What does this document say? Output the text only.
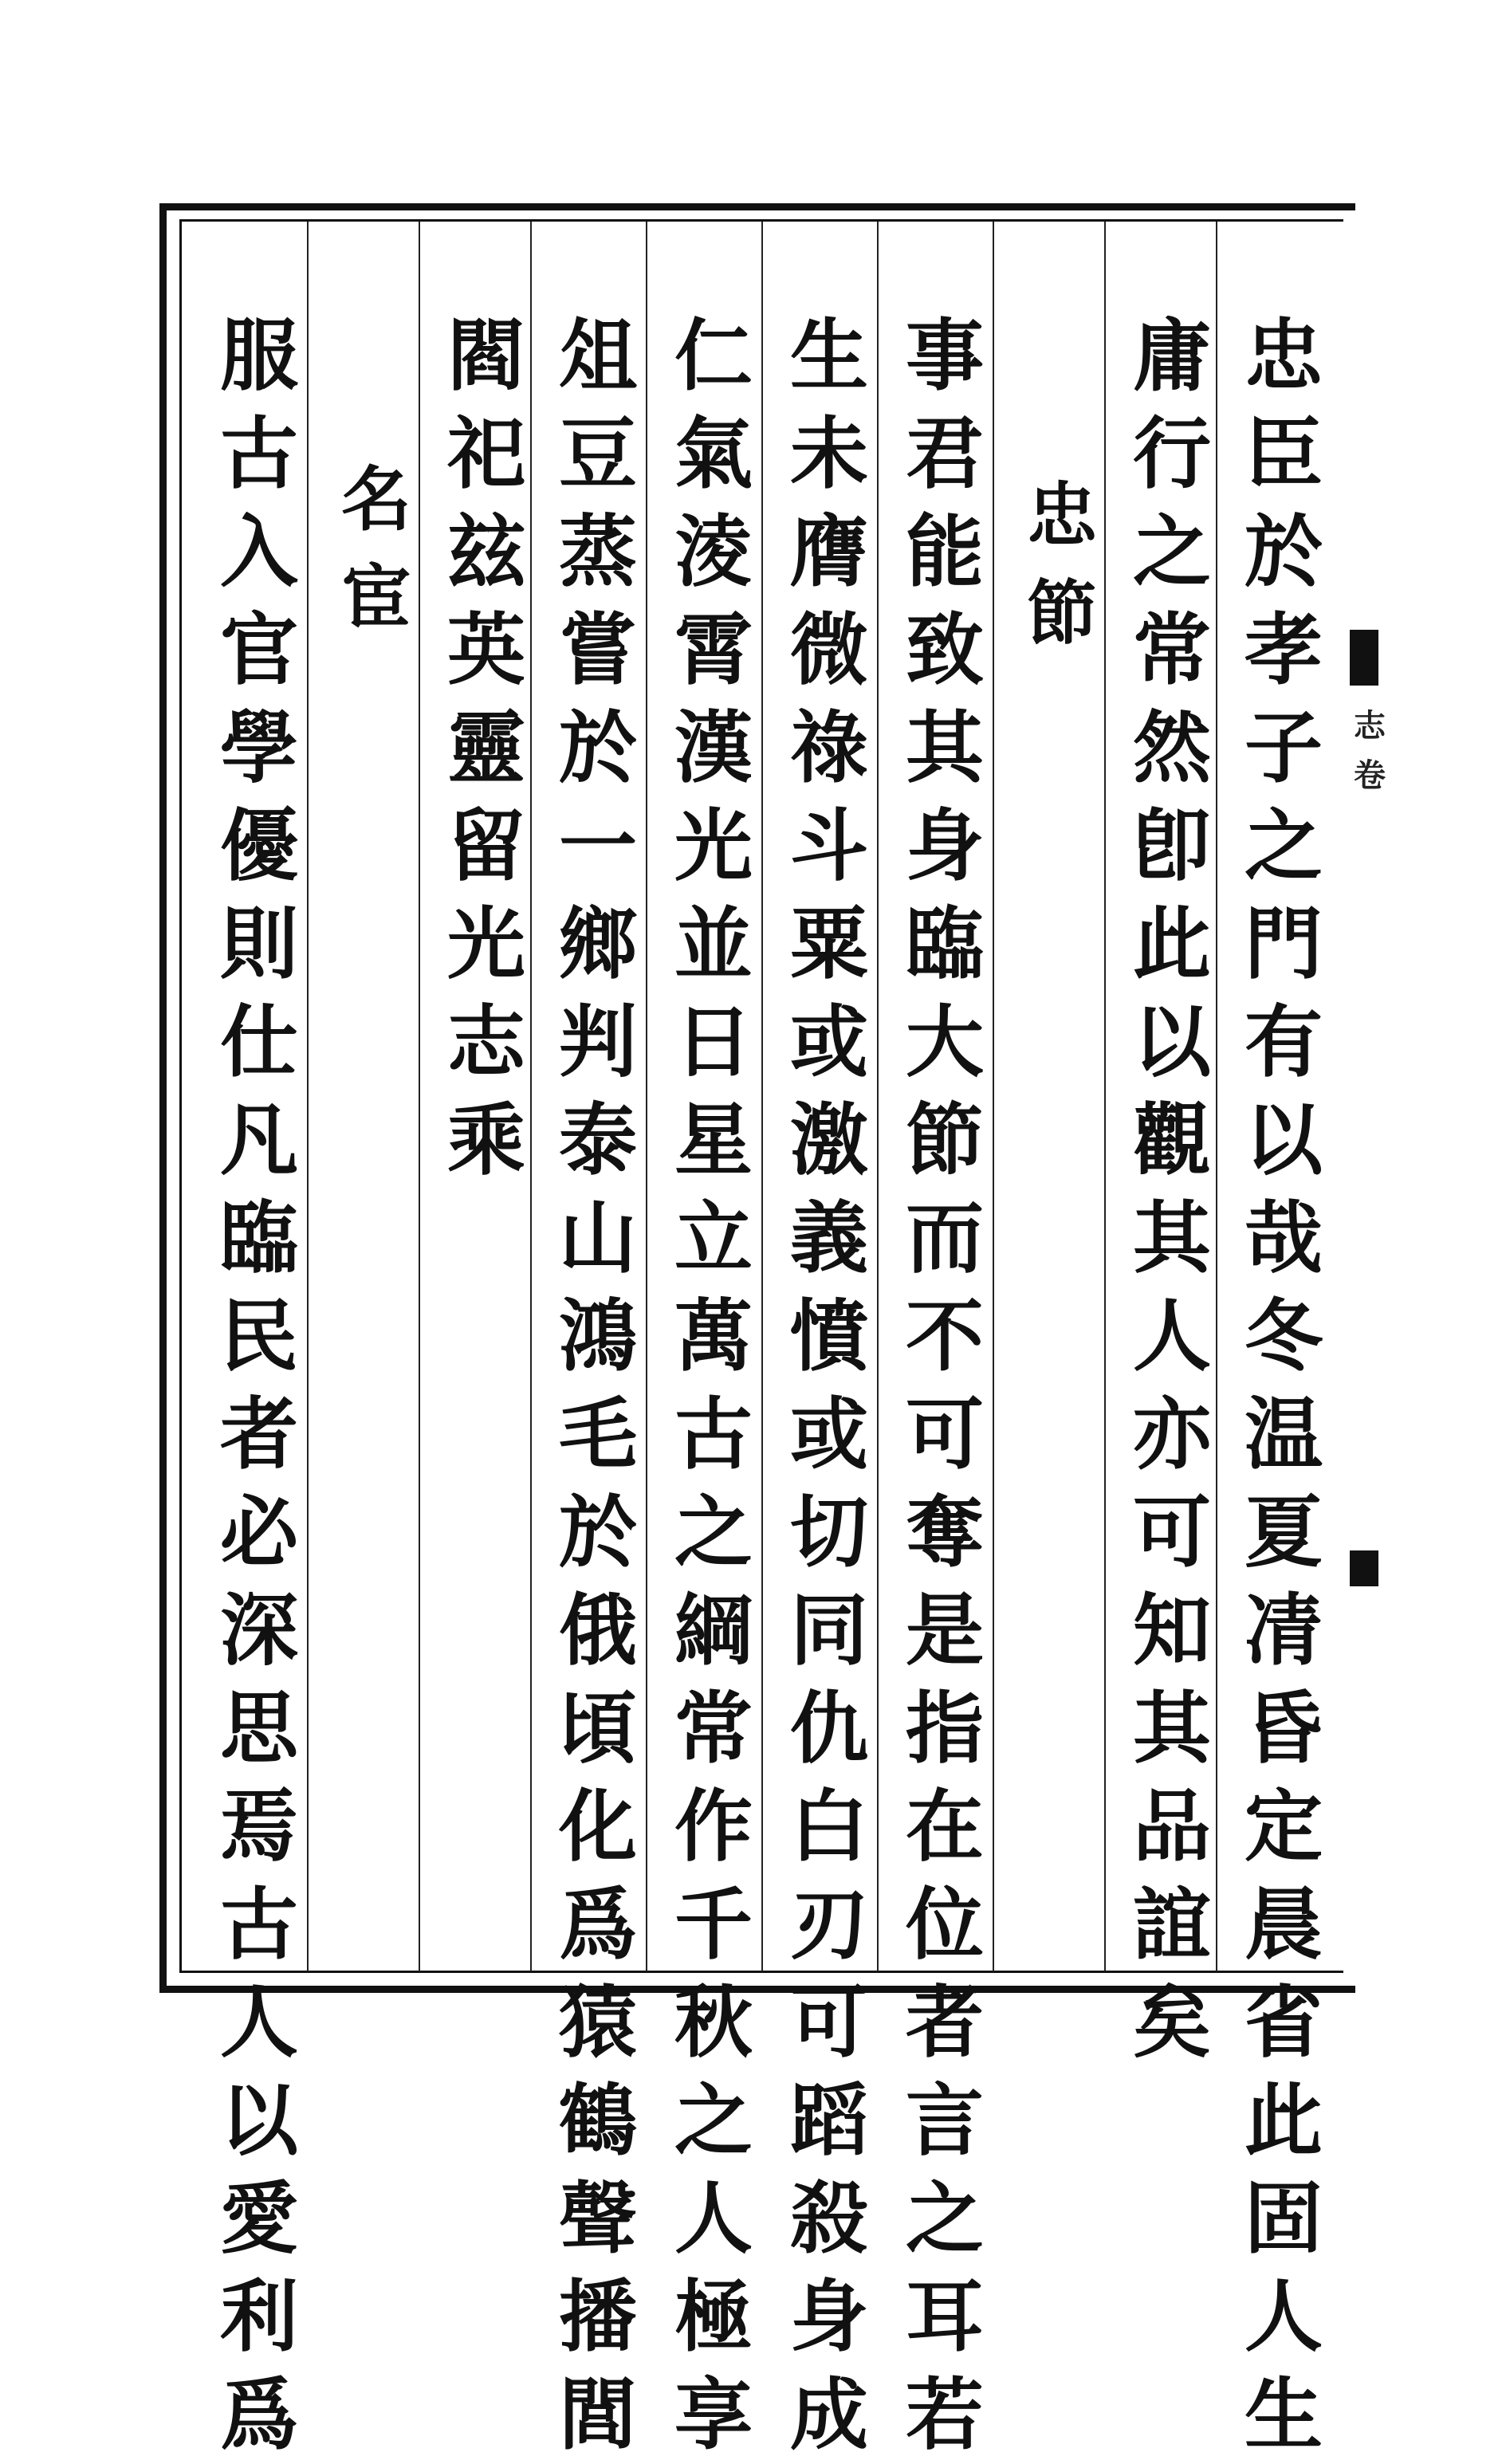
志
卷
忠
臣
於
孝
子
之
門
有
以
哉
冬
温
夏
凊
昏
定
晨
省
此
固
人
生
庸
行
之
常
然
卽
此
以
觀
其
人
亦
可
知
其
品
誼
矣
忠
節
事
君
能
致
其
身
臨
大
節
而
不
可
奪
是
指
在
位
者
言
之
耳
若
生
未
膺
微
祿
斗
粟
或
激
義
憤
或
切
同
仇
白
刃
可
蹈
殺
身
成
仁
氣
淩
霄
漢
光
並
日
星
立
萬
古
之
綱
常
作
千
秋
之
人
極
享
俎
豆
蒸
嘗
於
一
鄉
判
泰
山
鴻
毛
於
俄
頃
化
爲
猿
鶴
聲
播
閭
閻
祀
玆
英
靈
留
光
志
乘
名
宦
服
古
入
官
學
優
則
仕
凡
臨
民
者
必
深
思
焉
古
人
以
愛
利
爲
